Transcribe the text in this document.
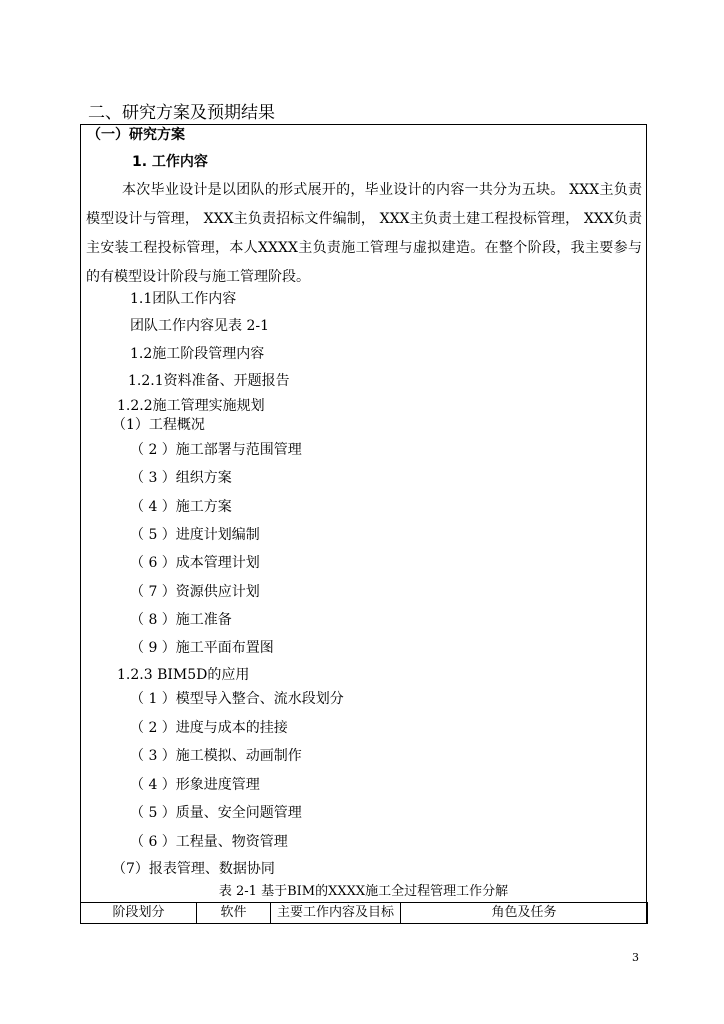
二、研究方案及预期结果
（一）研究方案
1. 工作内容

本次毕业设计是以团队的形式展开的，毕业设计的内容一共分为五块。 XXX主负责模型设计与管理， XXX主负责招标文件编制， XXX主负责土建工程投标管理， XXX负责主安装工程投标管理，本人XXXX主负责施工管理与虚拟建造。在整个阶段，我主要参与的有模型设计阶段与施工管理阶段。

1.1团队工作内容
团队工作内容见表 2-1
1.2施工阶段管理内容
1.2.1资料准备、开题报告
1.2.2施工管理实施规划
（1）工程概况
（ 2 ）施工部署与范围管理
（ 3 ）组织方案
（ 4 ）施工方案
（ 5 ）进度计划编制
（ 6 ）成本管理计划
（ 7 ）资源供应计划
（ 8 ）施工准备
（ 9 ）施工平面布置图
1.2.3 BIM5D的应用
（ 1 ）模型导入整合、流水段划分
（ 2 ）进度与成本的挂接
（ 3 ）施工模拟、动画制作
（ 4 ）形象进度管理
（ 5 ）质量、安全问题管理
（ 6 ）工程量、物资管理
（7）报表管理、数据协同
表 2-1 基于BIM的XXXX施工全过程管理工作分解
阶段划分	软件	主要工作内容及目标	角色及任务
3
